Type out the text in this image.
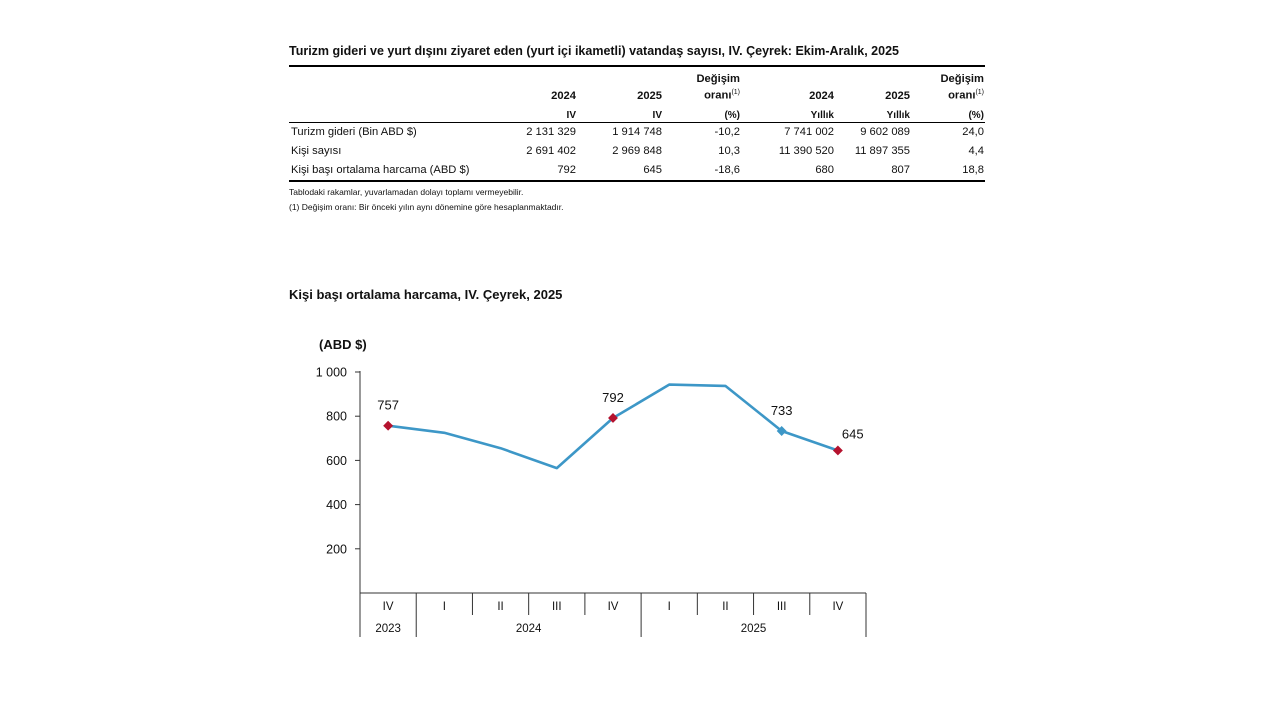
Turizm gideri ve yurt dışını ziyaret eden (yurt içi ikametli) vatandaş sayısı, IV. Çeyrek: Ekim-Aralık, 2025

	2024	2025	Değişim oranı$^{(1)}$	2024	2025	Değişim oranı$^{(1)}$
	IV	IV	(%)	Yıllık	Yıllık	(%)
Turizm gideri (Bin ABD $)	2 131 329	1 914 748	-10,2	7 741 002	9 602 089	24,0
Kişi sayısı	2 691 402	2 969 848	10,3	11 390 520	11 897 355	4,4
Kişi başı ortalama harcama (ABD $)	792	645	-18,6	680	807	18,8
Tablodaki rakamlar, yuvarlamadan dolayı toplamı vermeyebilir.
(1) Değişim oranı: Bir önceki yılın aynı dönemine göre hesaplanmaktadır.

Kişi başı ortalama harcama, IV. Çeyrek, 2025

(ABD $)
200
400
600
800
1 000
IV	I	II	III	IV	I	II	III	IV
2023	2024	2025
757
792
733
645
